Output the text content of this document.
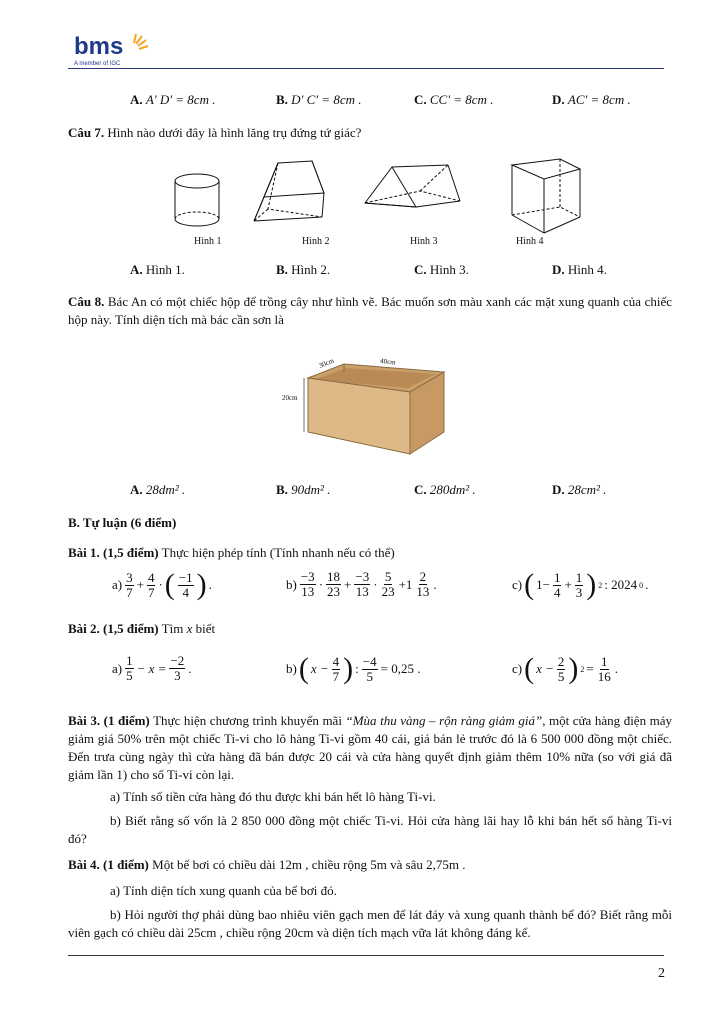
bms
A member of IGC
A. A' D' = 8cm .	B. D' C' = 8cm .	C. CC' = 8cm .	D. AC' = 8cm .
Câu 7. Hình nào dưới đây là hình lăng trụ đứng tứ giác?
Hình 1	Hình 2	Hình 3	Hình 4
A. Hình 1.	B. Hình 2.	C. Hình 3.	D. Hình 4.
Câu 8. Bác An có một chiếc hộp để trồng cây như hình vẽ. Bác muốn sơn màu xanh các mặt xung quanh của chiếc hộp này. Tính diện tích mà bác cần sơn là
30cm	40cm
20cm
A. 28dm² .	B. 90dm² .	C. 280dm² .	D. 28cm² .
B. Tự luận (6 điểm)
Bài 1. (1,5 điểm) Thực hiện phép tính (Tính nhanh nếu có thể)
$a) \frac{3}{7} + \frac{4}{7}$ · ( $\frac{-1}{4}$ ) .	$b) \frac{-3}{13} \cdot \frac{18}{23} + \frac{-3}{13} \cdot \frac{5}{23} +1 \frac{2}{13}$ .	c) ( $1- \frac{1}{4} + \frac{1}{3}$ ) 2 : 2024 0 .
Bài 2. (1,5 điểm) Tìm x biết
$a) \frac{1}{5} - x = \frac{-2}{3}$ .	b) ( $x - \frac{4}{7}$ ) : $\frac{-4}{5} = 0,25$ .	c) ( $x - \frac{2}{5}$ ) $2 = \frac{1}{16}$ .
Bài 3. (1 điểm) Thực hiện chương trình khuyến mãi “Mùa thu vàng – rộn ràng giảm giá”, một cửa hàng điện máy giảm giá 50% trên một chiếc Ti-vi cho lô hàng Ti-vi gồm 40 cái, giá bán lẻ trước đó là 6 500 000 đồng một chiếc. Đến trưa cùng ngày thì cửa hàng đã bán được 20 cái và cửa hàng quyết định giảm thêm 10% nữa (so với giá đã giảm lần 1) cho số Ti-vi còn lại.
a) Tính số tiền cửa hàng đó thu được khi bán hết lô hàng Ti-vi.
b) Biết rằng số vốn là 2 850 000 đồng một chiếc Ti-vi. Hỏi cửa hàng lãi hay lỗ khi bán hết số hàng Ti-vi đó?
Bài 4. (1 điểm) Một bể bơi có chiều dài 12m , chiều rộng 5m và sâu 2,75m .
a) Tính diện tích xung quanh của bể bơi đó.
b) Hỏi người thợ phải dùng bao nhiêu viên gạch men để lát đáy và xung quanh thành bể đó? Biết rằng mỗi viên gạch có chiều dài 25cm , chiều rộng 20cm và diện tích mạch vữa lát không đáng kể.
2
